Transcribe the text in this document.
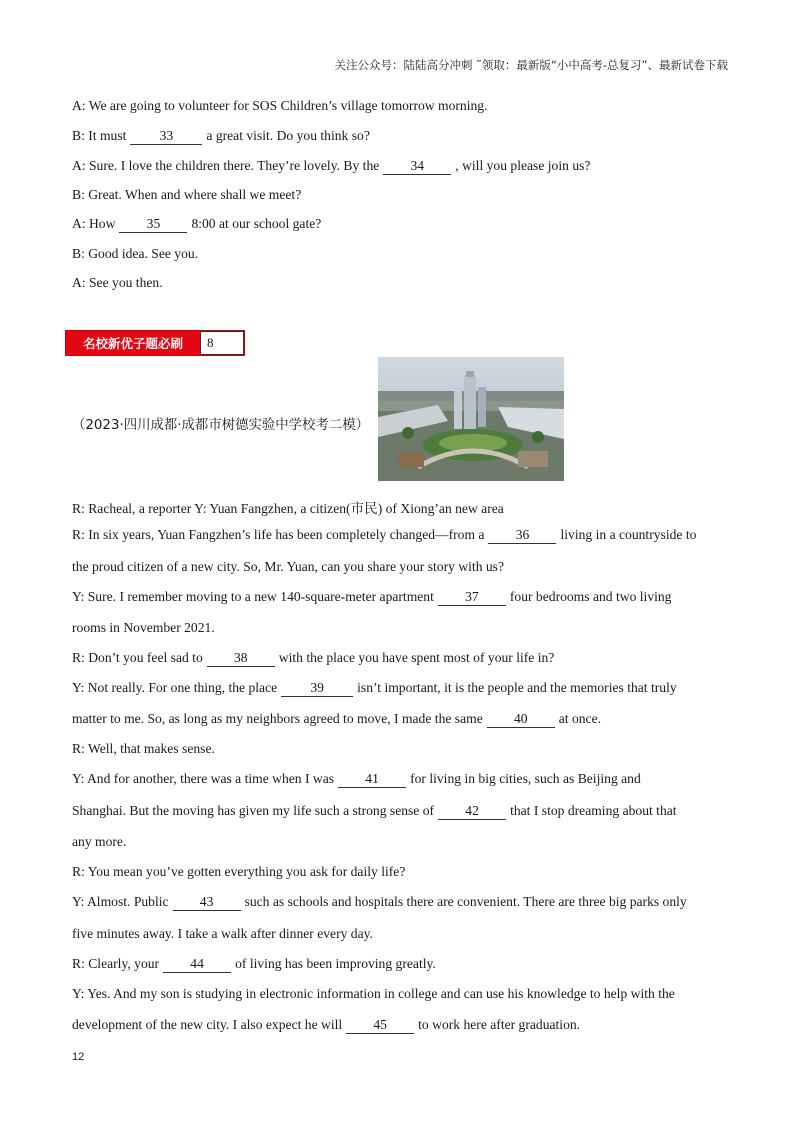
关注公众号：陆陆高分冲刺 ˜领取：最新版“小中高考-总复习”、最新试卷下载
A: We are going to volunteer for SOS Children’s village tomorrow morning.
B: It must 33 a great visit. Do you think so?
A: Sure. I love the children there. They’re lovely. By the 34 , will you please join us?
B: Great. When and where shall we meet?
A: How 35 8:00 at our school gate?
B: Good idea. See you.
A: See you then.
名校新优子题必刷	8
（2023·四川成都·成都市树德实验中学校考二模）
R: Racheal, a reporter Y: Yuan Fangzhen, a citizen(市民) of Xiong’an new area
R: In six years, Yuan Fangzhen’s life has been completely changed—from a 36 living in a countryside to
the proud citizen of a new city. So, Mr. Yuan, can you share your story with us?
Y: Sure. I remember moving to a new 140-square-meter apartment 37 four bedrooms and two living
rooms in November 2021.
R: Don’t you feel sad to 38 with the place you have spent most of your life in?
Y: Not really. For one thing, the place 39 isn’t important, it is the people and the memories that truly
matter to me. So, as long as my neighbors agreed to move, I made the same 40 at once.
R: Well, that makes sense.
Y: And for another, there was a time when I was 41 for living in big cities, such as Beijing and
Shanghai. But the moving has given my life such a strong sense of 42 that I stop dreaming about that
any more.
R: You mean you’ve gotten everything you ask for daily life?
Y: Almost. Public 43 such as schools and hospitals there are convenient. There are three big parks only
five minutes away. I take a walk after dinner every day.
R: Clearly, your 44 of living has been improving greatly.
Y: Yes. And my son is studying in electronic information in college and can use his knowledge to help with the
development of the new city. I also expect he will 45 to work here after graduation.
12
